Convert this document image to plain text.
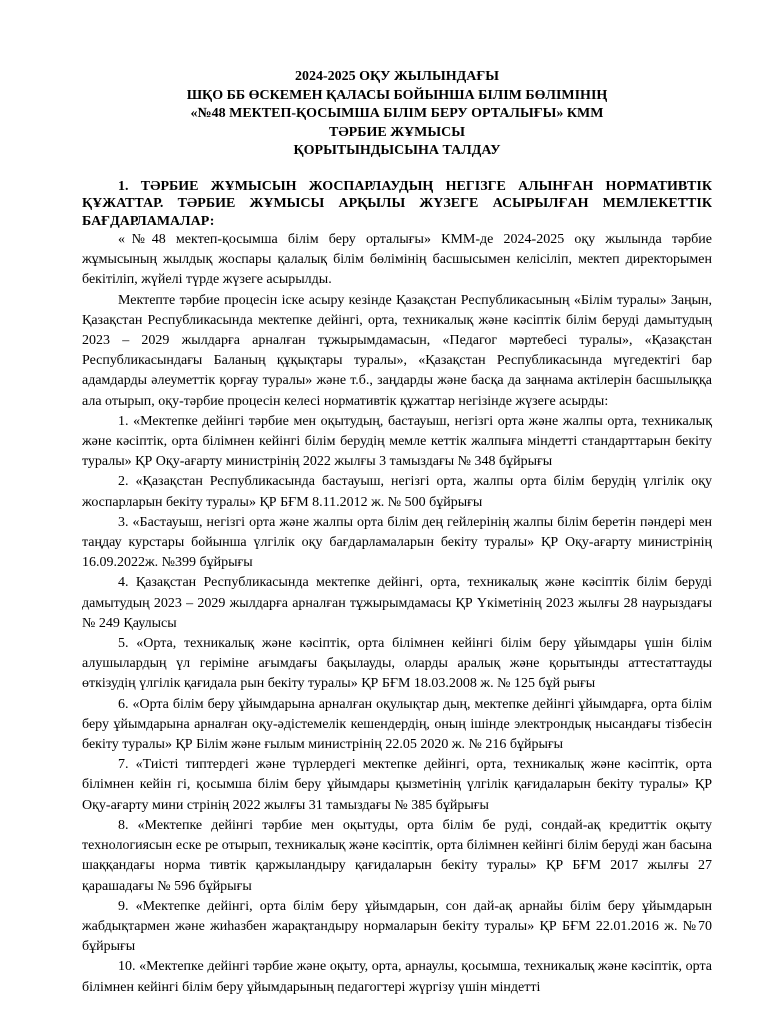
2024-2025 ОҚУ ЖЫЛЫНДАҒЫ
ШҚО ББ ӨСКЕМЕН ҚАЛАСЫ БОЙЫНША БІЛІМ БӨЛІМІНІҢ
«№48 МЕКТЕП-ҚОСЫМША БІЛІМ БЕРУ ОРТАЛЫҒЫ» КММ
ТӘРБИЕ ЖҰМЫСЫ
ҚОРЫТЫНДЫСЫНА ТАЛДАУ

1. ТӘРБИЕ ЖҰМЫСЫН ЖОСПАРЛАУДЫҢ НЕГІЗГЕ АЛЫНҒАН НОРМАТИВТІК ҚҰЖАТТАР. ТӘРБИЕ ЖҰМЫСЫ АРҚЫЛЫ ЖҮЗЕГЕ АСЫРЫЛҒАН МЕМЛЕКЕТТІК БАҒДАРЛАМАЛАР:

«№48 мектеп-қосымша білім беру орталығы» КММ-де 2024-2025 оқу жылында тәрбие жұмысының жылдық жоспары қалалық білім бөлімінің басшысымен келісіліп, мектеп директорымен бекітіліп, жүйелі түрде жүзеге асырылды.

Мектепте тәрбие процесін іске асыру кезінде Қазақстан Республикасының «Білім туралы» Заңын, Қазақстан Республикасында мектепке дейінгі, орта, техникалық және кәсіптік білім беруді дамытудың 2023 – 2029 жылдарға арналған тұжырымдамасын, «Педагог мәртебесі туралы», «Қазақстан Республикасындағы Баланың құқықтары туралы», «Қазақстан Республикасында мүгедектігі бар адамдарды әлеуметтік қорғау туралы» және т.б., заңдарды және басқа да заңнама актілерін басшылыққа ала отырып, оқу-тәрбие процесін келесі нормативтік құжаттар негізінде жүзеге асырды:

1. «Мектепке дейінгі тәрбие мен оқытудың, бастауыш, негізгі орта және жалпы орта, техникалық және кәсіптік, орта білімнен кейінгі білім берудің мемле кеттік жалпыға міндетті стандарттарын бекіту туралы» ҚР Оқу-ағарту министрінің 2022 жылғы 3 тамыздағы № 348 бұйрығы

2. «Қазақстан Республикасында бастауыш, негізгі орта, жалпы орта білім берудің үлгілік оқу жоспарларын бекіту туралы» ҚР БҒМ 8.11.2012 ж. № 500 бұйрығы

3. «Бастауыш, негізгі орта және жалпы орта білім дең гейлерінің жалпы білім беретін пәндері мен таңдау курстары бойынша үлгілік оқу бағдарламаларын бекіту туралы» ҚР Оқу-ағарту министрінің 16.09.2022ж. №399 бұйрығы

4. Қазақстан Республикасында мектепке дейінгі, орта, техникалық және кәсіптік білім беруді дамытудың 2023 – 2029 жылдарға арналған тұжырымдамасы ҚР Үкіметінің 2023 жылғы 28 наурыздағы № 249 Қаулысы

5. «Орта, техникалық және кәсіптік, орта білімнен кейінгі білім беру ұйымдары үшін білім алушылардың үл геріміне ағымдағы бақылауды, оларды аралық және қорытынды аттестаттауды өткізудің үлгілік қағидала рын бекіту туралы» ҚР БҒМ 18.03.2008 ж. № 125 бұй рығы

6. «Орта білім беру ұйымдарына арналған оқулықтар дың, мектепке дейінгі ұйымдарға, орта білім беру ұйымдарына арналған оқу-әдістемелік кешендердің, оның ішінде электрондық нысандағы тізбесін бекіту туралы» ҚР Білім және ғылым министрінің 22.05 2020 ж. № 216 бұйрығы

7. «Тиісті типтердегі және түрлердегі мектепке дейінгі, орта, техникалық және кәсіптік, орта білімнен кейін гі, қосымша білім беру ұйымдары қызметінің үлгілік қағидаларын бекіту туралы» ҚР Оқу-ағарту мини стрінің 2022 жылғы 31 тамыздағы № 385 бұйрығы

8. «Мектепке дейінгі тәрбие мен оқытуды, орта білім бе руді, сондай-ақ кредиттік оқыту технологиясын еске ре отырып, техникалық және кәсіптік, орта білімнен кейінгі білім беруді жан басына шаққандағы норма тивтік қаржыландыру қағидаларын бекіту туралы» ҚР БҒМ 2017 жылғы 27 қарашадағы № 596 бұйрығы

9. «Мектепке дейінгі, орта білім беру ұйымдарын, сон дай-ақ арнайы білім беру ұйымдарын жабдықтармен және жиһазбен жарақтандыру нормаларын бекіту туралы» ҚР БҒМ 22.01.2016 ж. №70 бұйрығы

10. «Мектепке дейінгі тәрбие және оқыту, орта, арнаулы, қосымша, техникалық және кәсіптік, орта білімнен кейінгі білім беру ұйымдарының педагогтері жүргізу үшін міндетті
